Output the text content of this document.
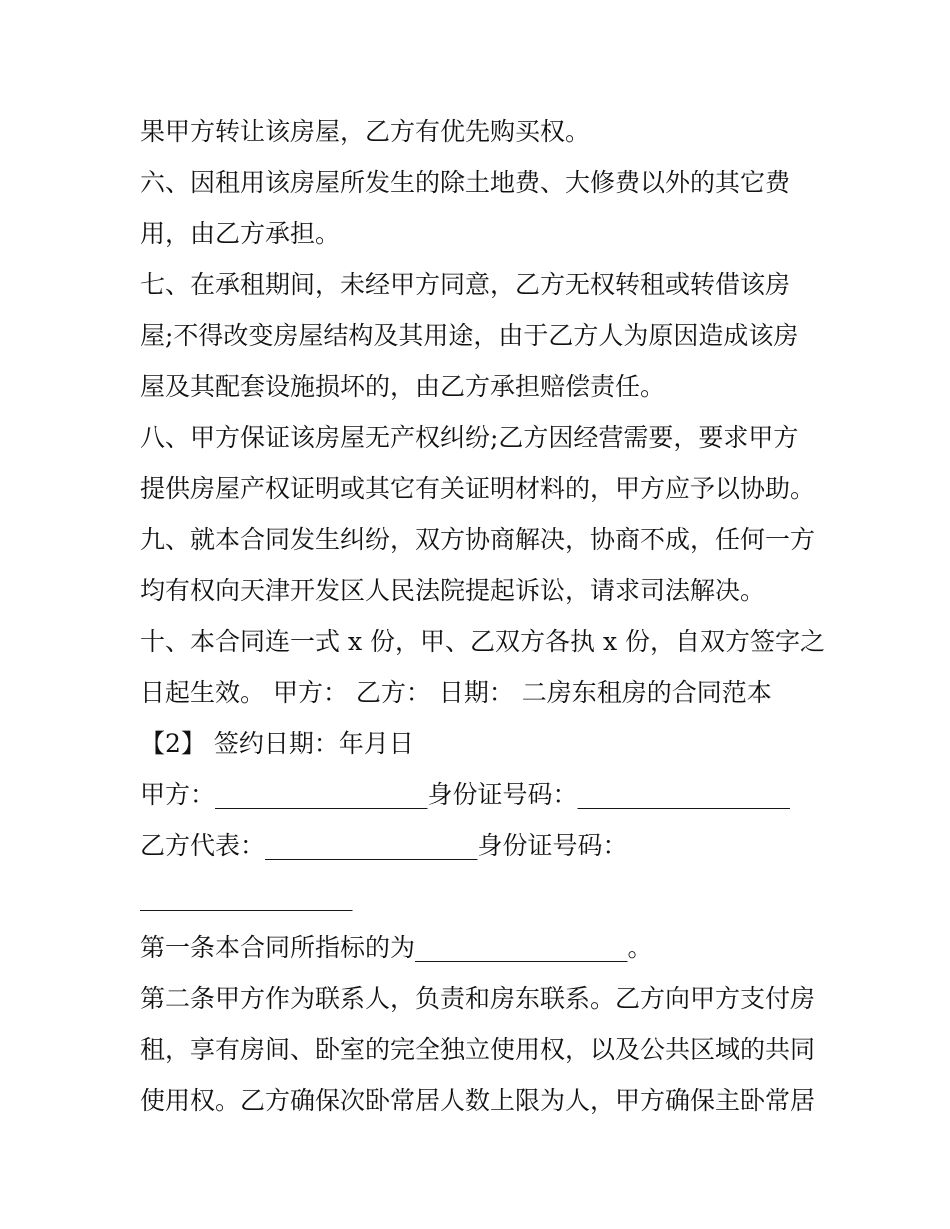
果甲方转让该房屋，乙方有优先购买权。

六、因租用该房屋所发生的除土地费、大修费以外的其它费

用，由乙方承担。

七、在承租期间，未经甲方同意，乙方无权转租或转借该房

屋;不得改变房屋结构及其用途，由于乙方人为原因造成该房

屋及其配套设施损坏的，由乙方承担赔偿责任。

八、甲方保证该房屋无产权纠纷;乙方因经营需要，要求甲方

提供房屋产权证明或其它有关证明材料的，甲方应予以协助。

九、就本合同发生纠纷，双方协商解决，协商不成，任何一方

均有权向天津开发区人民法院提起诉讼，请求司法解决。

十、本合同连一式 x 份，甲、乙双方各执 x 份，自双方签字之

日起生效。 甲方： 乙方： 日期： 二房东租房的合同范本

【2】 签约日期：年月日

甲方：_________________身份证号码：_________________

乙方代表：_________________身份证号码：

_________________

第一条本合同所指标的为_________________。

第二条甲方作为联系人，负责和房东联系。乙方向甲方支付房

租，享有房间、卧室的完全独立使用权，以及公共区域的共同

使用权。乙方确保次卧常居人数上限为人，甲方确保主卧常居
